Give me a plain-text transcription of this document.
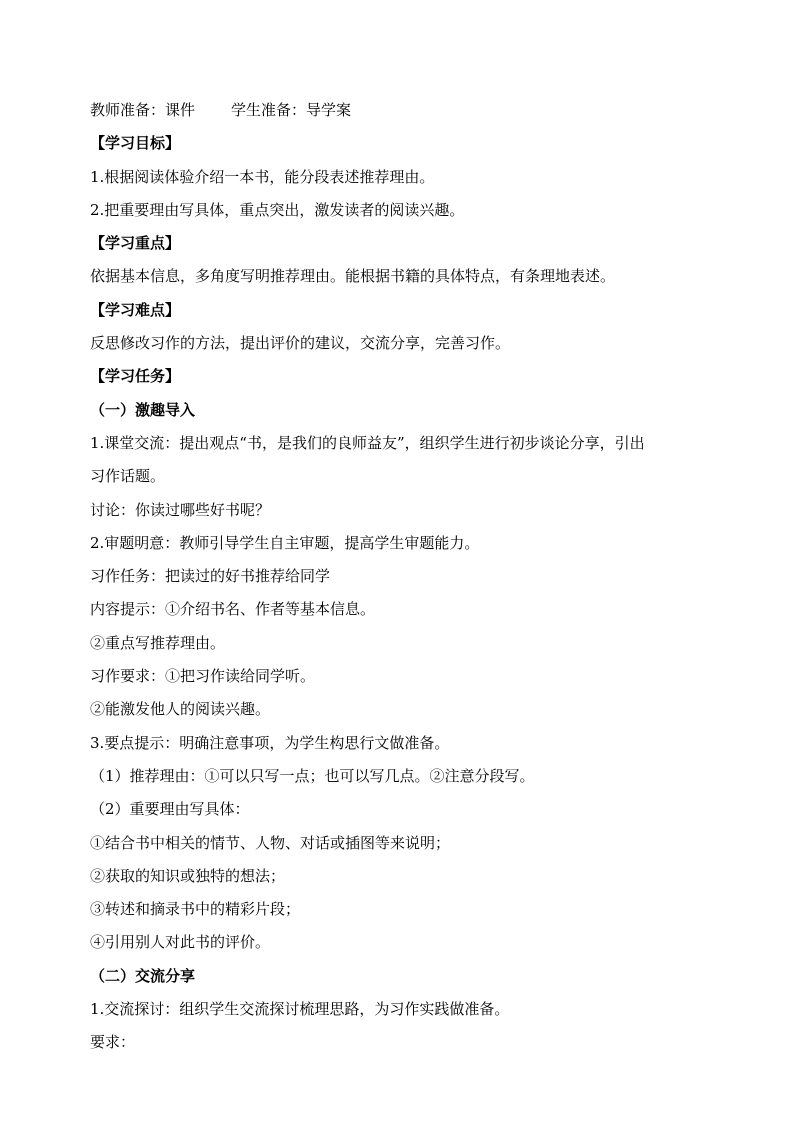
教师准备：课件 学生准备：导学案
【学习目标】
1.根据阅读体验介绍一本书，能分段表述推荐理由。
2.把重要理由写具体，重点突出，激发读者的阅读兴趣。
【学习重点】
依据基本信息，多角度写明推荐理由。能根据书籍的具体特点，有条理地表述。
【学习难点】
反思修改习作的方法，提出评价的建议，交流分享，完善习作。
【学习任务】
（一）激趣导入
1.课堂交流：提出观点“书，是我们的良师益友”，组织学生进行初步谈论分享，引出
习作话题。
讨论：你读过哪些好书呢？
2.审题明意：教师引导学生自主审题，提高学生审题能力。
习作任务：把读过的好书推荐给同学
内容提示：①介绍书名、作者等基本信息。
②重点写推荐理由。
习作要求：①把习作读给同学听。
②能激发他人的阅读兴趣。
3.要点提示：明确注意事项，为学生构思行文做准备。
（1）推荐理由：①可以只写一点；也可以写几点。②注意分段写。
（2）重要理由写具体：
①结合书中相关的情节、人物、对话或插图等来说明；
②获取的知识或独特的想法；
③转述和摘录书中的精彩片段；
④引用别人对此书的评价。
（二）交流分享
1.交流探讨：组织学生交流探讨梳理思路，为习作实践做准备。
要求：
